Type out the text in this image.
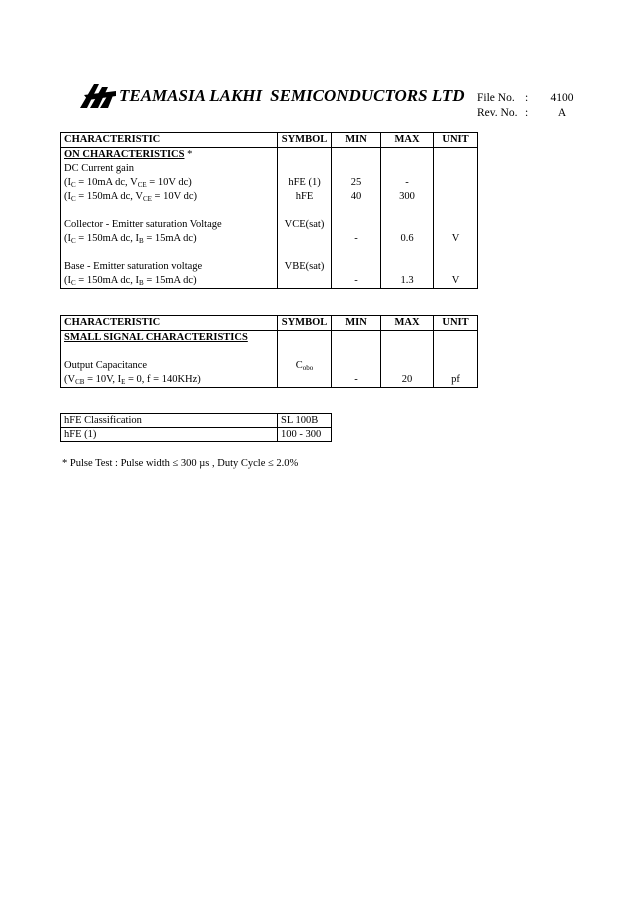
TEAMASIA LAKHI SEMICONDUCTORS LTD File No. :	4100
Rev. No. :	A
CHARACTERISTIC	SYMBOL	MIN	MAX	UNIT
ON CHARACTERISTICS *				
DC Current gain				
($I_C = 10mA$ dc, $V_{CE} = 10V$ dc)	hFE (1)	25	-	
($I_C = 150mA$ dc, $V_{CE} = 10V$ dc)	hFE	40	300	

Collector - Emitter saturation Voltage	VCE(sat)			
($I_C = 150mA$ dc, $I_B = 15mA$ dc)		-	0.6	V

Base - Emitter saturation voltage	VBE(sat)			
($I_C = 150mA$ dc, $I_B = 15mA$ dc)		-	1.3	V
CHARACTERISTIC	SYMBOL	MIN	MAX	UNIT
SMALL SIGNAL CHARACTERISTICS				

Output Capacitance	$C_{obo}$			
($V_{CB} = 10V$, $I_E = 0$, f = 140KHz)		-	20	pf
hFE Classification	SL 100B
hFE (1)	100 - 300
* Pulse Test : Pulse width ≤ 300 µs , Duty Cycle ≤ 2.0%
